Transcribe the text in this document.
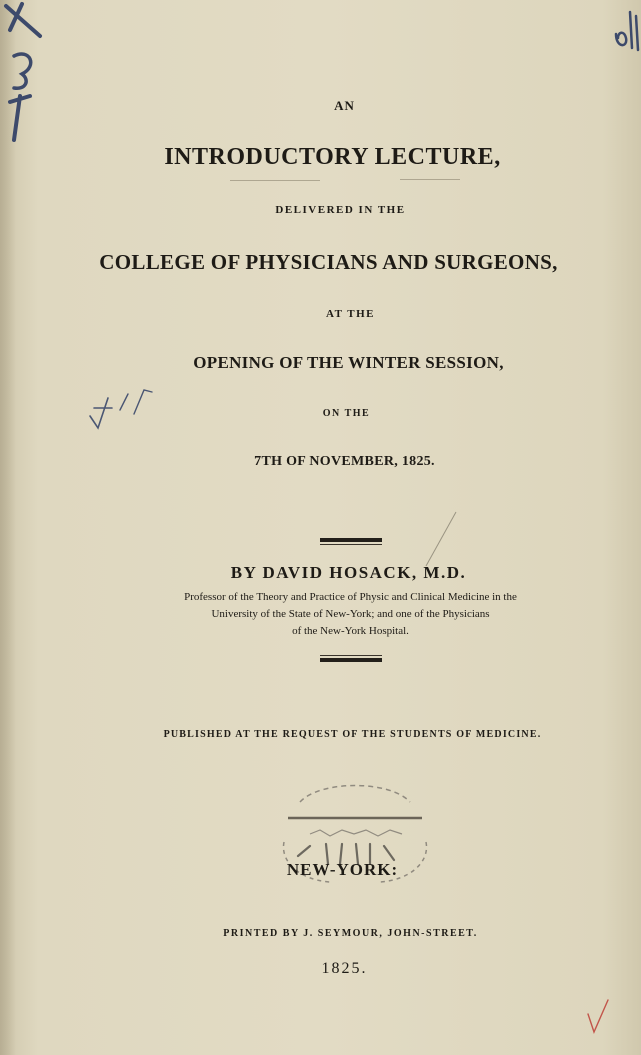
AN
INTRODUCTORY LECTURE,
DELIVERED IN THE
COLLEGE OF PHYSICIANS AND SURGEONS,
AT THE
OPENING OF THE WINTER SESSION,
ON THE
7TH OF NOVEMBER, 1825.
BY DAVID HOSACK, M.D.
Professor of the Theory and Practice of Physic and Clinical Medicine in the
University of the State of New-York; and one of the Physicians
of the New-York Hospital.
PUBLISHED AT THE REQUEST OF THE STUDENTS OF MEDICINE.
NEW-YORK:
PRINTED BY J. SEYMOUR, JOHN-STREET.
1825.
